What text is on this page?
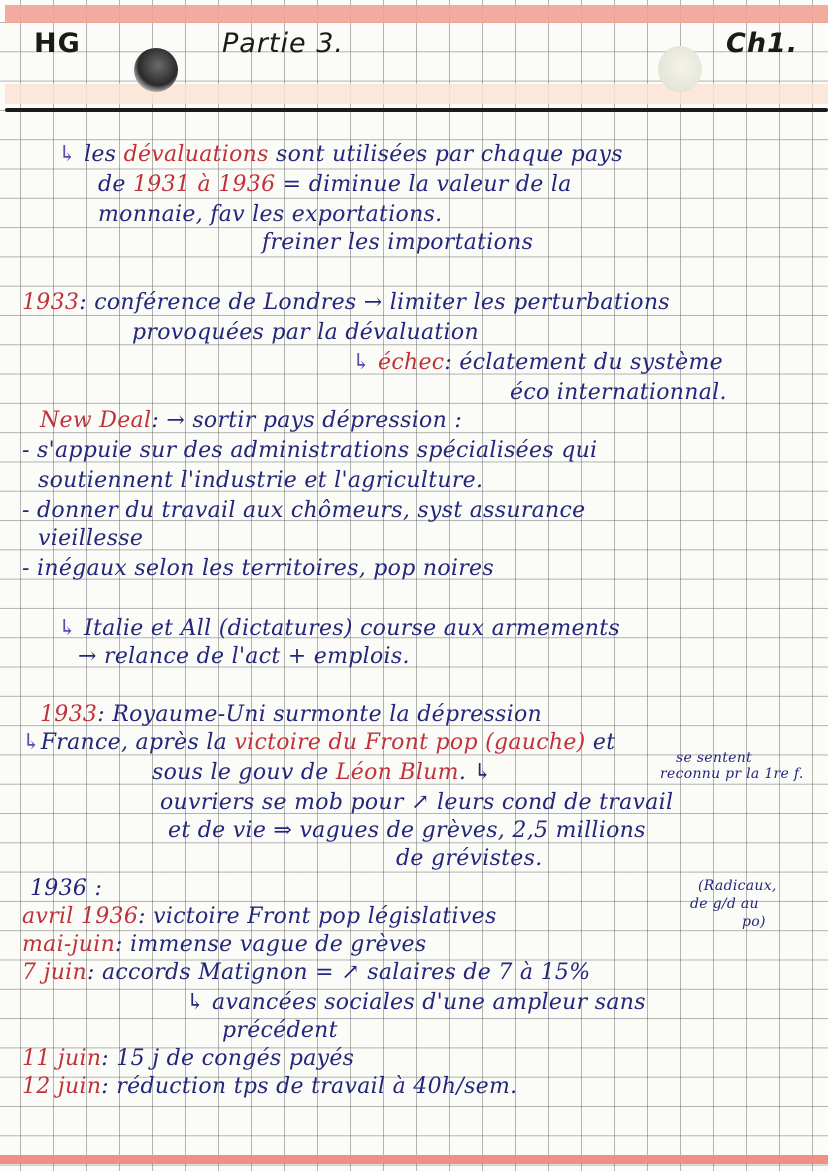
HG	Partie 3.	Ch1.
↳ les dévaluations sont utilisées par chaque pays
de 1931 à 1936 = diminue la valeur de la
monnaie, fav les exportations.
freiner les importations
1933: conférence de Londres → limiter les perturbations
provoquées par la dévaluation
↳ échec: éclatement du système
éco internationnal.
New Deal: → sortir pays dépression :
- s'appuie sur des administrations spécialisées qui
soutiennent l'industrie et l'agriculture.
- donner du travail aux chômeurs, syst assurance
vieillesse
- inégaux selon les territoires, pop noires
↳ Italie et All (dictatures) course aux armements
→ relance de l'act + emplois.
1933: Royaume-Uni surmonte la dépression
↳France, après la victoire du Front pop (gauche) et
sous le gouv de Léon Blum. ↳
se sentent
reconnu pr la 1re f.
ouvriers se mob pour ↗ leurs cond de travail
et de vie ⇒ vagues de grèves, 2,5 millions
de grévistes.
1936 :
avril 1936: victoire Front pop législatives
(Radicaux,
de g/d au
po)
mai-juin: immense vague de grèves
7 juin: accords Matignon = ↗ salaires de 7 à 15%
↳ avancées sociales d'une ampleur sans
précédent
11 juin: 15 j de congés payés
12 juin: réduction tps de travail à 40h/sem.
